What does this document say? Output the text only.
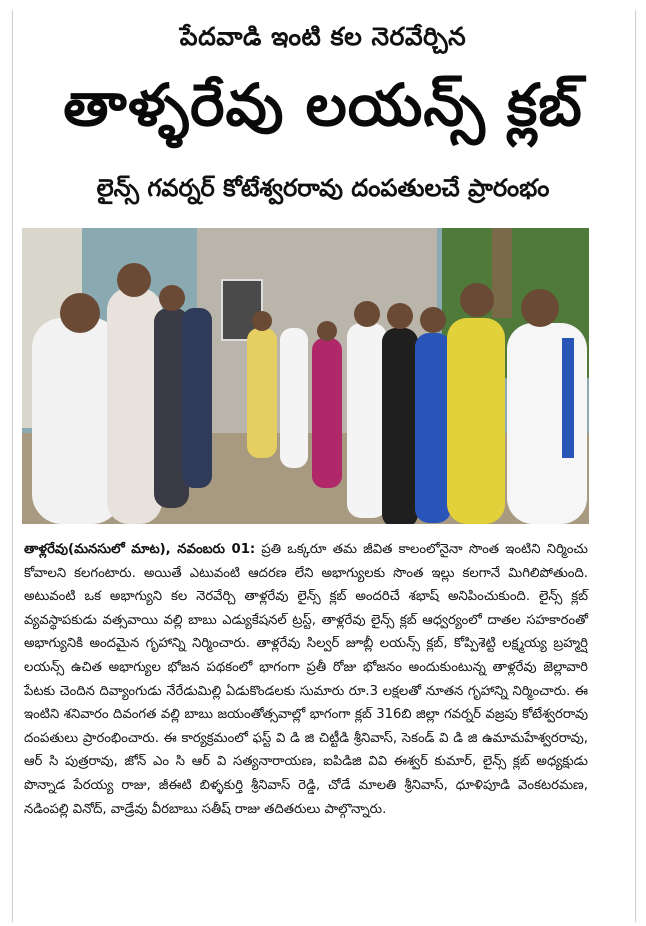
పేదవాడి ఇంటి కల నెరవేర్చిన
తాళ్ళరేవు లయన్స్ క్లబ్
లైన్స్ గవర్నర్ కోటేశ్వరరావు దంపతులచే ప్రారంభం
తాళ్లరేవు(మనసులో మాట), నవంబరు 01: ప్రతి ఒక్కరూ తమ జీవిత కాలంలోనైనా సొంత ఇంటిని నిర్మించు కోవాలని కలగంటారు. అయితే ఎటువంటి ఆదరణ లేని అభాగ్యులకు సొంత ఇల్లు కలగానే మిగిలిపోతుంది. అటువంటి ఒక అభాగ్యుని కల నెరవేర్చి తాళ్లరేవు లైన్స్ క్లబ్ అందరిచే శభాష్ అనిపించుకుంది. లైన్స్ క్లబ్ వ్యవస్థాపకుడు వత్సవాయి వల్లి బాబు ఎడ్యుకేషనల్ ట్రస్ట్, తాళ్లరేవు లైన్స్ క్లబ్ ఆధ్వర్యంలో దాతల సహకారంతో అభాగ్యునికి అందమైన గృహాన్ని నిర్మించారు. తాళ్లరేవు సిల్వర్ జూబ్లీ లయన్స్ క్లబ్, కోప్పిశెట్టి లక్ష్మయ్య బ్రహ్మర్షి లయన్స్ ఉచిత అభాగ్యుల భోజన పథకంలో భాగంగా ప్రతీ రోజు భోజనం అందుకుంటున్న తాళ్లరేవు జెల్లావారి పేటకు చెందిన దివ్యాంగుడు నేరేడుమిల్లి ఏడుకొండలకు సుమారు రూ.3 లక్షలతో నూతన గృహాన్ని నిర్మించారు. ఈ ఇంటిని శనివారం దివంగత వల్లి బాబు జయంతోత్సవాల్లో భాగంగా క్లబ్ 316బి జిల్లా గవర్నర్ వజ్రపు కోటేశ్వరరావు దంపతులు ప్రారంభించారు. ఈ కార్యక్రమంలో ఫస్ట్ వి డి జి చిట్టీడి శ్రీనివాస్, సెకండ్ వి డి జి ఉమామహేశ్వరరావు, ఆర్ సి పుత్రరావు, జోన్ ఎం సి ఆర్ వి సత్యనారాయణ, ఐపిడిజి వివి ఈశ్వర్ కుమార్, లైన్స్ క్లబ్ అధ్యక్షుడు పొన్నాడ పేరయ్య రాజు, జీఈటి బిళ్ళకుర్తి శ్రీనివాస్ రెడ్డి, చోడే మాలతి శ్రీనివాస్, ధూళిపూడి వెంకటరమణ, నడింపల్లి వినోద్, వాడ్రేవు వీరబాబు సతీష్ రాజు తదితరులు పాల్గొన్నారు.
